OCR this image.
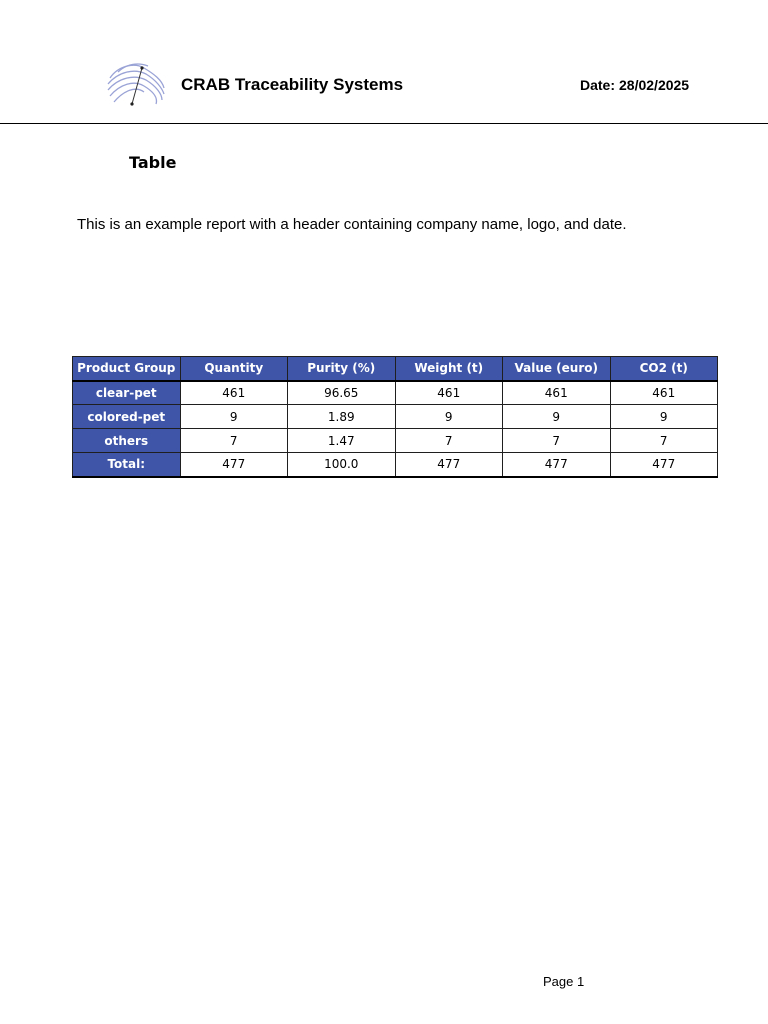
CRAB Traceability Systems	Date: 28/02/2025
Table
This is an example report with a header containing company name, logo, and date.
Product Group	Quantity	Purity (%)	Weight (t)	Value (euro)	CO2 (t)
clear-pet	461	96.65	461	461	461
colored-pet	9	1.89	9	9	9
others	7	1.47	7	7	7
Total:	477	100.0	477	477	477
Page 1
